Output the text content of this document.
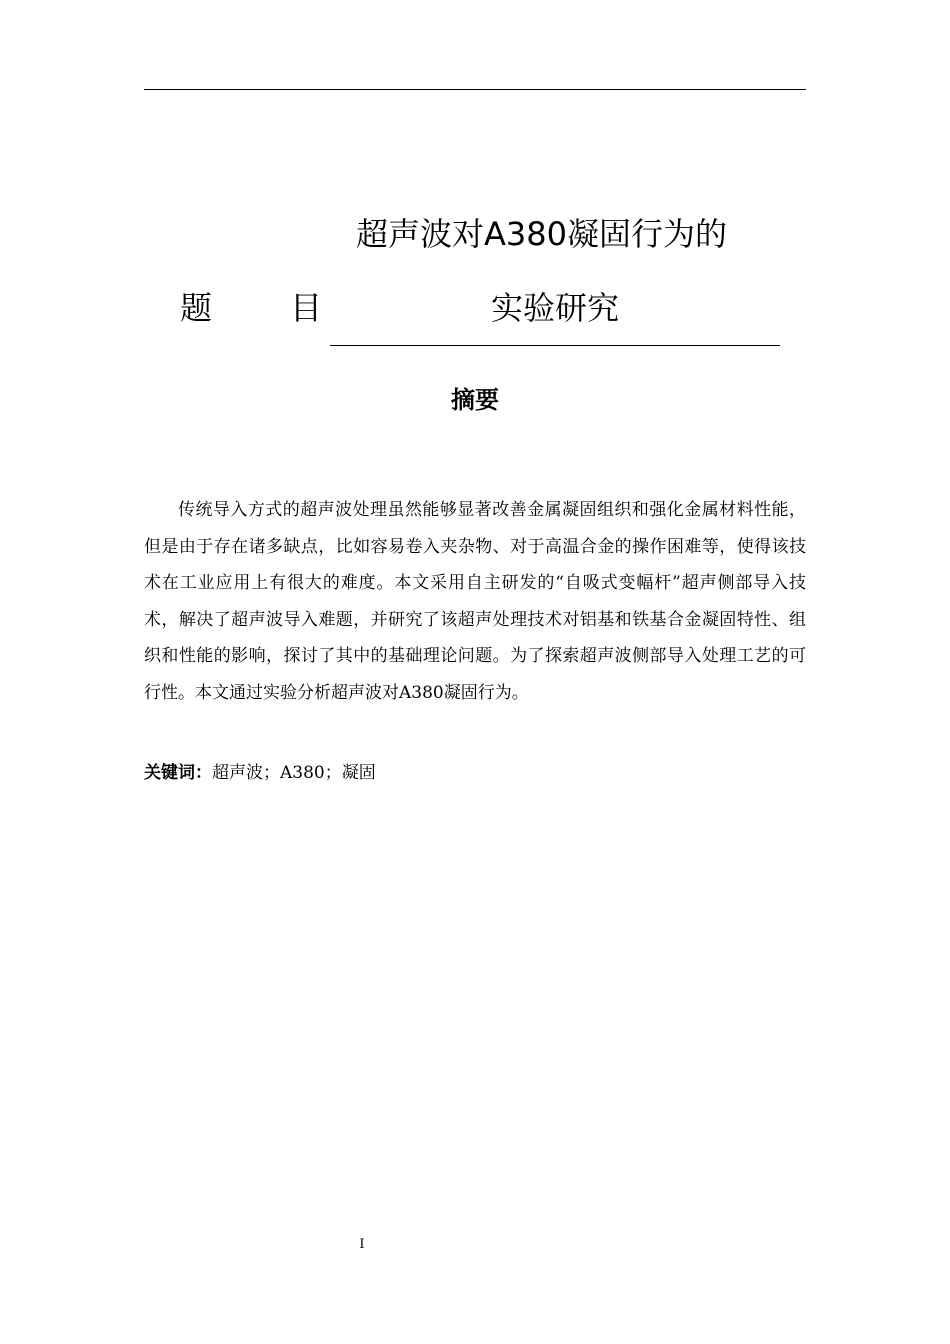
超声波对A380凝固行为的
题 目	实验研究
摘要

传统导入方式的超声波处理虽然能够显著改善金属凝固组织和强化金属材料性能，但是由于存在诸多缺点，比如容易卷入夹杂物、对于高温合金的操作困难等，使得该技术在工业应用上有很大的难度。本文采用自主研发的“自吸式变幅杆”超声侧部导入技术，解决了超声波导入难题，并研究了该超声处理技术对铝基和铁基合金凝固特性、组织和性能的影响，探讨了其中的基础理论问题。为了探索超声波侧部导入处理工艺的可行性。本文通过实验分析超声波对A380凝固行为。

关键词：超声波；A380；凝固
I
